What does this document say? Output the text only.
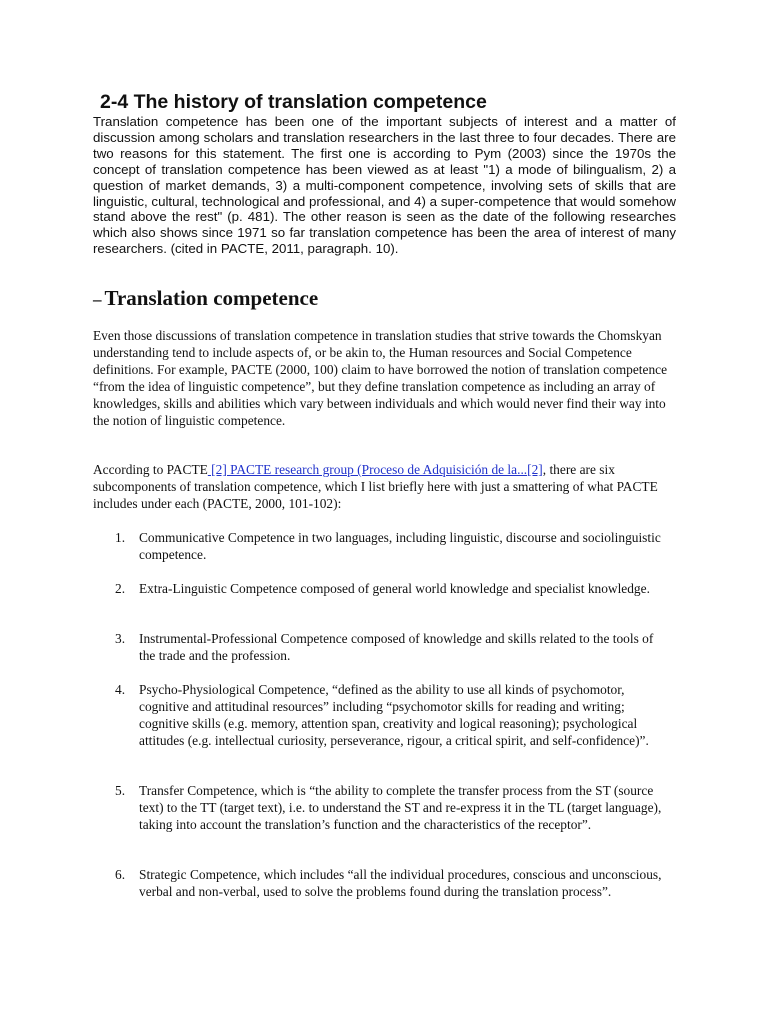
2-4 The history of translation competence

Translation competence has been one of the important subjects of interest and a matter of discussion among scholars and translation researchers in the last three to four decades. There are two reasons for this statement. The first one is according to Pym (2003) since the 1970s the concept of translation competence has been viewed as at least "1) a mode of bilingualism, 2) a question of market demands, 3) a multi-component competence, involving sets of skills that are linguistic, cultural, technological and professional, and 4) a super-competence that would somehow stand above the rest" (p. 481). The other reason is seen as the date of the following researches which also shows since 1971 so far translation competence has been the area of interest of many researchers. (cited in PACTE, 2011, paragraph. 10).

– Translation competence

Even those discussions of translation competence in translation studies that strive towards the Chomskyan understanding tend to include aspects of, or be akin to, the Human resources and Social Competence definitions. For example, PACTE (2000, 100) claim to have borrowed the notion of translation competence “from the idea of linguistic competence”, but they define translation competence as including an array of knowledges, skills and abilities which vary between individuals and which would never find their way into the notion of linguistic competence.

According to PACTE [2] PACTE research group (Proceso de Adquisición de la...[2], there are six subcomponents of translation competence, which I list briefly here with just a smattering of what PACTE includes under each (PACTE, 2000, 101-102):

1.	Communicative Competence in two languages, including linguistic, discourse and sociolinguistic competence.
2.	Extra-Linguistic Competence composed of general world knowledge and specialist knowledge.
3.	Instrumental-Professional Competence composed of knowledge and skills related to the tools of the trade and the profession.
4.	Psycho-Physiological Competence, “defined as the ability to use all kinds of psychomotor, cognitive and attitudinal resources” including “psychomotor skills for reading and writing; cognitive skills (e.g. memory, attention span, creativity and logical reasoning); psychological attitudes (e.g. intellectual curiosity, perseverance, rigour, a critical spirit, and self-confidence)”.
5.	Transfer Competence, which is “the ability to complete the transfer process from the ST (source text) to the TT (target text), i.e. to understand the ST and re-express it in the TL (target language), taking into account the translation’s function and the characteristics of the receptor”.
6.	Strategic Competence, which includes “all the individual procedures, conscious and unconscious, verbal and non-verbal, used to solve the problems found during the translation process”.
